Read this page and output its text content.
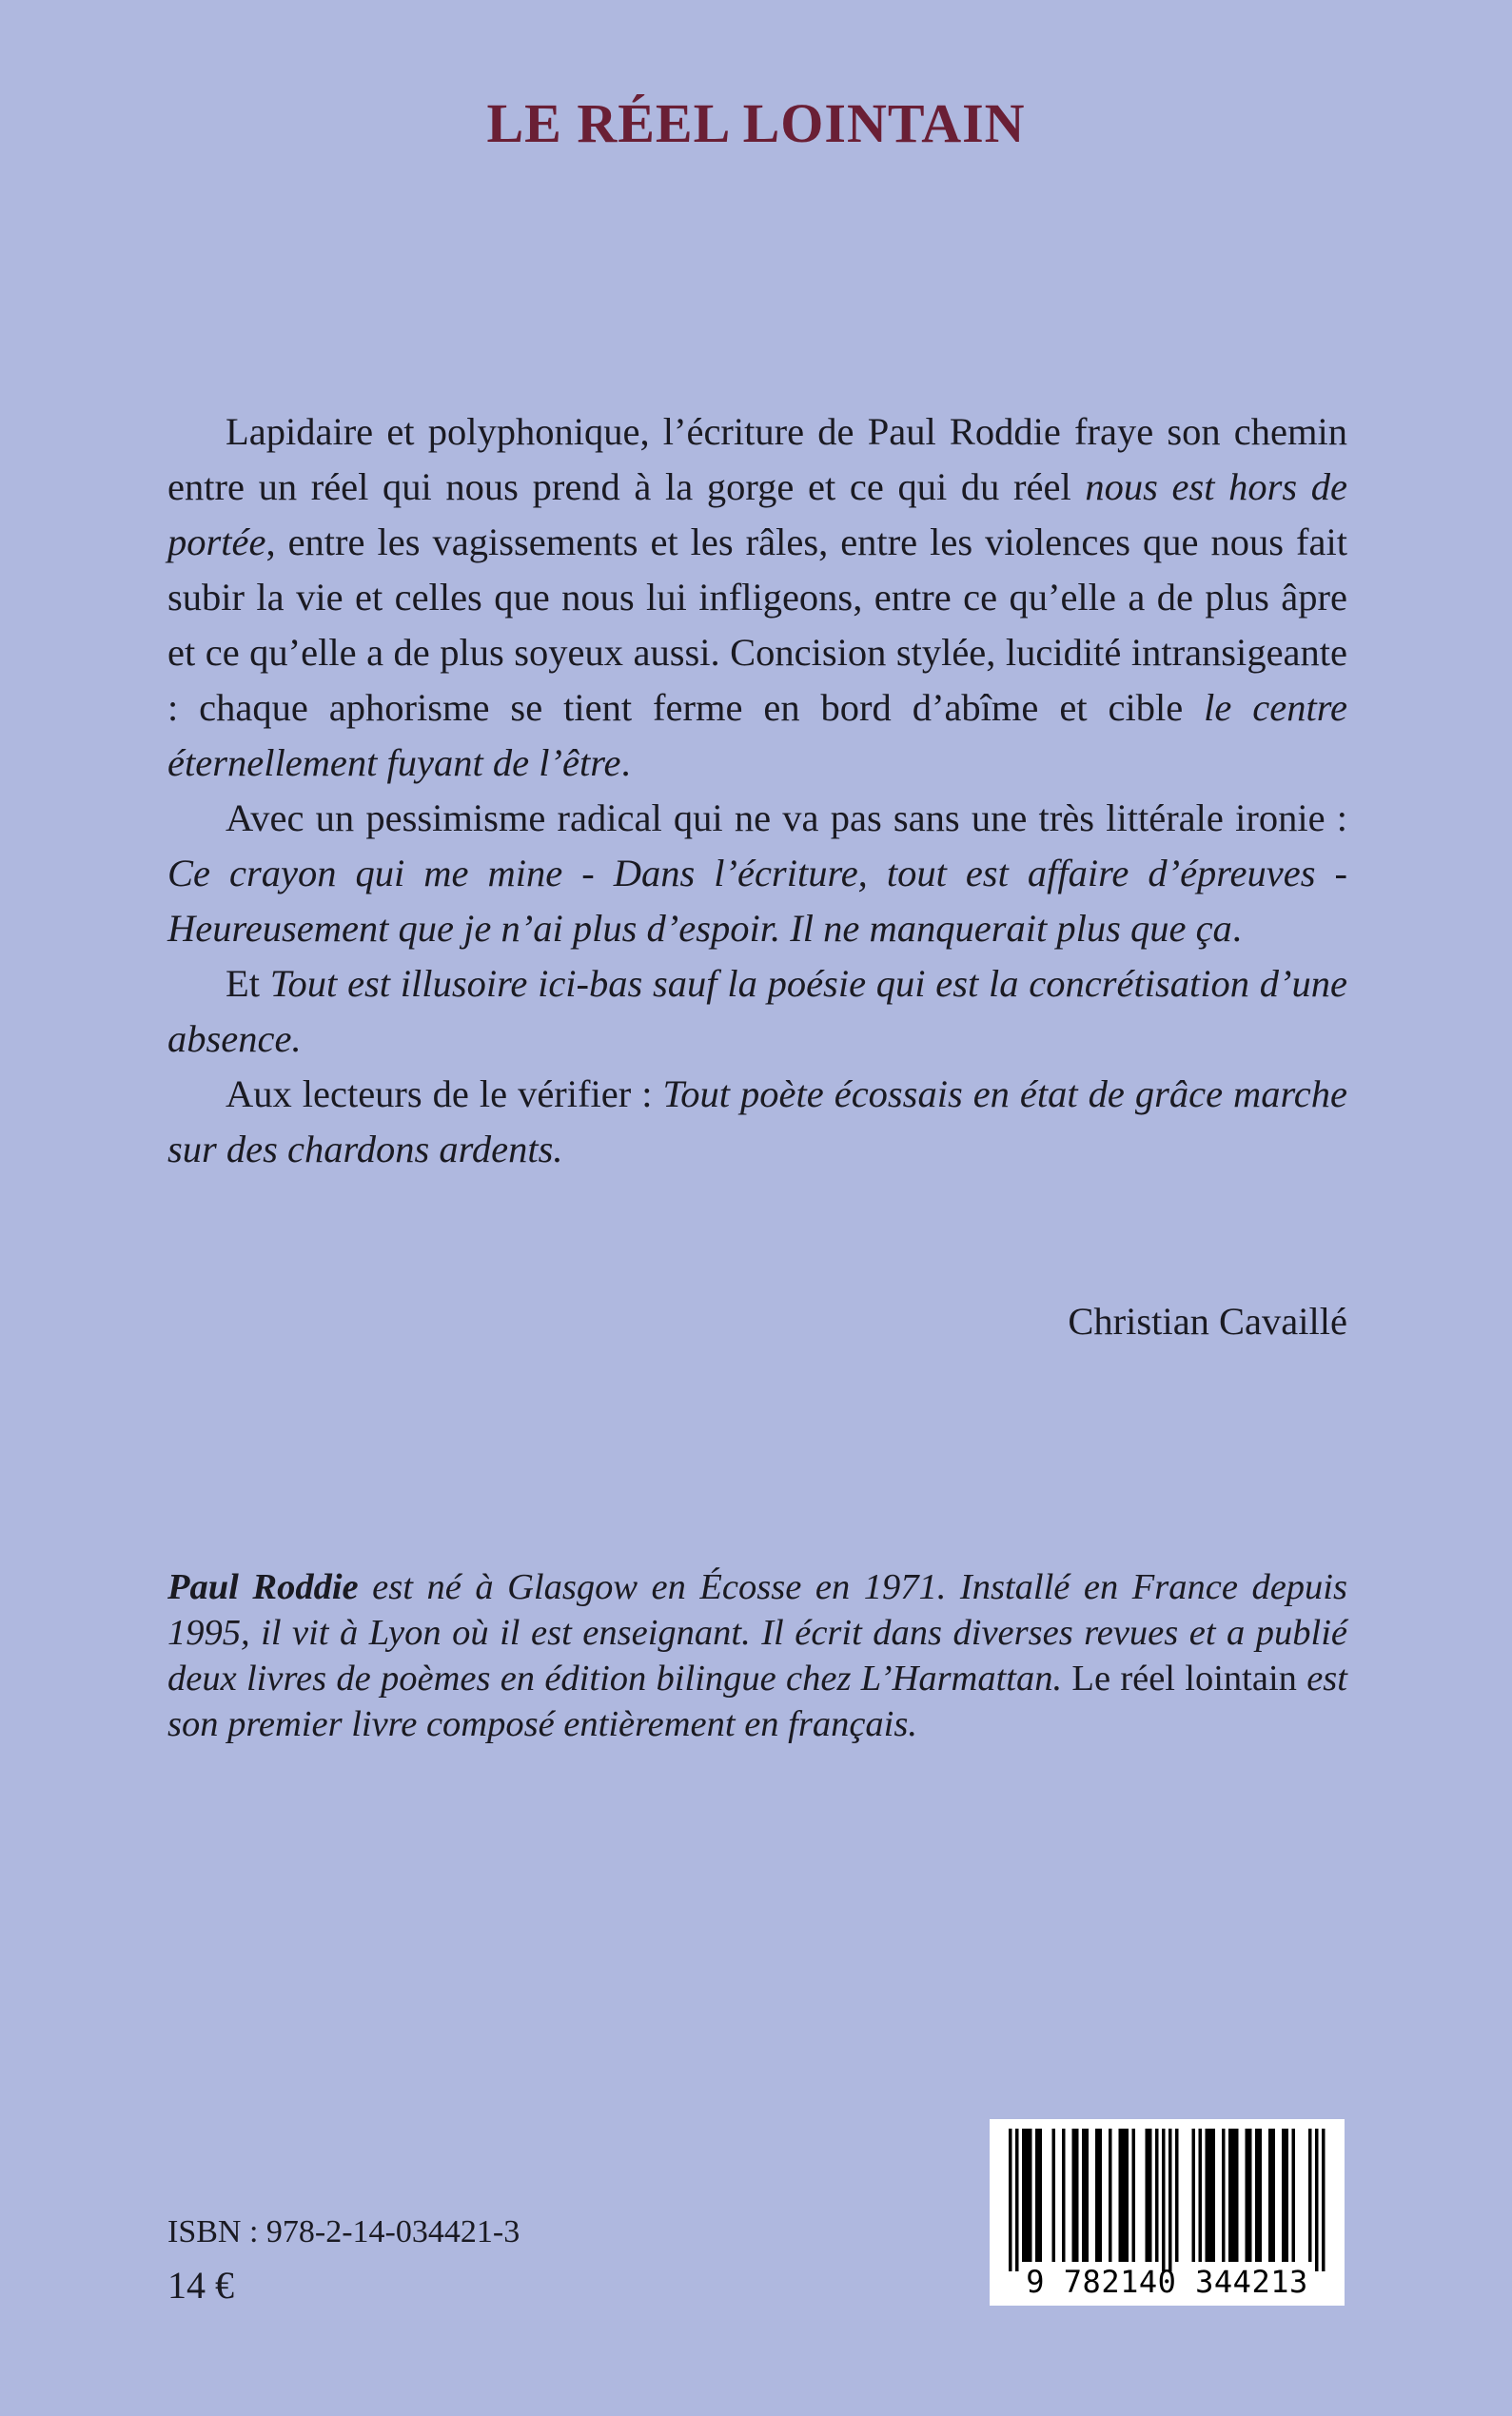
LE RÉEL LOINTAIN

Lapidaire et polyphonique, l’écriture de Paul Roddie fraye son chemin entre un réel qui nous prend à la gorge et ce qui du réel nous est hors de portée, entre les vagissements et les râles, entre les violences que nous fait subir la vie et celles que nous lui infligeons, entre ce qu’elle a de plus âpre et ce qu’elle a de plus soyeux aussi. Concision stylée, lucidité intransigeante : chaque aphorisme se tient ferme en bord d’abîme et cible le centre éternellement fuyant de l’être.

Avec un pessimisme radical qui ne va pas sans une très littérale ironie : Ce crayon qui me mine - Dans l’écriture, tout est affaire d’épreuves - Heureusement que je n’ai plus d’espoir. Il ne manquerait plus que ça.

Et Tout est illusoire ici-bas sauf la poésie qui est la concrétisation d’une absence.

Aux lecteurs de le vérifier : Tout poète écossais en état de grâce marche sur des chardons ardents.

Christian Cavaillé
Paul Roddie est né à Glasgow en Écosse en 1971. Installé en France depuis 1995, il vit à Lyon où il est enseignant. Il écrit dans diverses revues et a publié deux livres de poèmes en édition bilingue chez L’Harmattan. Le réel lointain est son premier livre composé entièrement en français.
ISBN : 978-2-14-034421-3
14 €	9 782140 344213
